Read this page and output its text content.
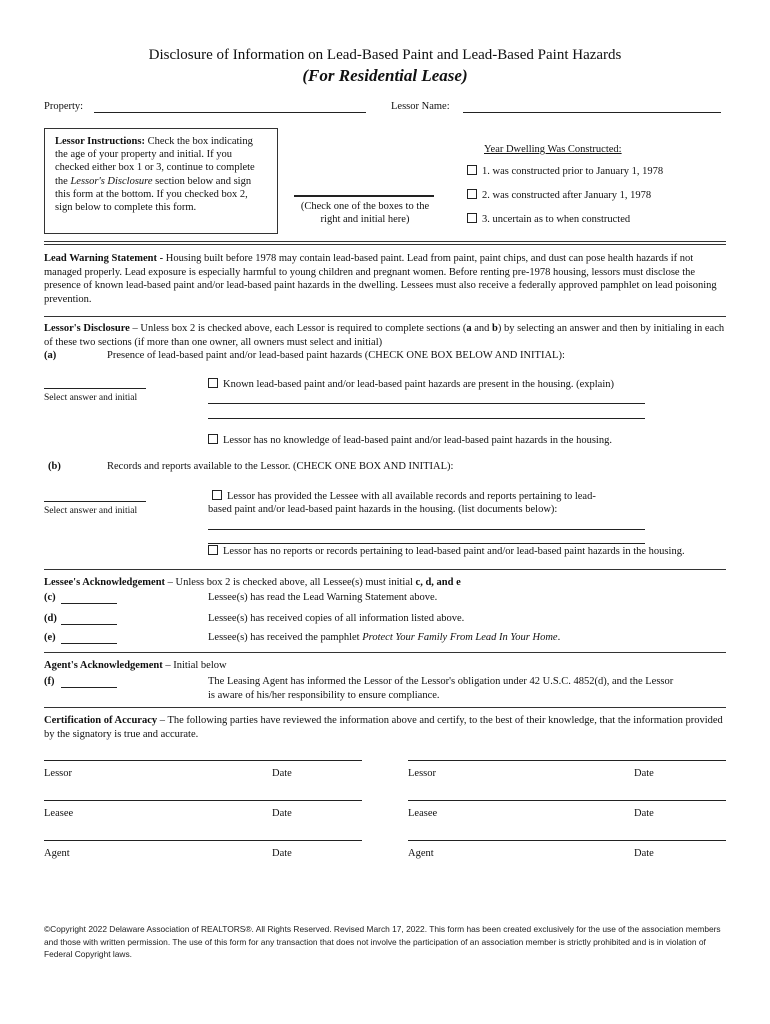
Disclosure of Information on Lead-Based Paint and Lead-Based Paint Hazards
(For Residential Lease)
Property:	Lessor Name:
Lessor Instructions: Check the box indicating the age of your property and initial. If you checked either box 1 or 3, continue to complete the Lessor's Disclosure section below and sign this form at the bottom. If you checked box 2, sign below to complete this form.	(Check one of the boxes to the right and initial here)
Year Dwelling Was Constructed:
1. was constructed prior to January 1, 1978
2. was constructed after January 1, 1978
3. uncertain as to when constructed
Lead Warning Statement - Housing built before 1978 may contain lead-based paint. Lead from paint, paint chips, and dust can pose health hazards if not managed properly. Lead exposure is especially harmful to young children and pregnant women. Before renting pre-1978 housing, lessors must disclose the presence of known lead-based paint and/or lead-based paint hazards in the dwelling. Lessees must also receive a federally approved pamphlet on lead poisoning prevention.
Lessor's Disclosure – Unless box 2 is checked above, each Lessor is required to complete sections (a and b) by selecting an answer and then by initialing in each of these two sections (if more than one owner, all owners must select and initial)
(a)	Presence of lead-based paint and/or lead-based paint hazards (CHECK ONE BOX BELOW AND INITIAL):
Select answer and initial
Known lead-based paint and/or lead-based paint hazards are present in the housing. (explain)
Lessor has no knowledge of lead-based paint and/or lead-based paint hazards in the housing.
(b)	Records and reports available to the Lessor. (CHECK ONE BOX AND INITIAL):
Select answer and initial
Lessor has provided the Lessee with all available records and reports pertaining to lead-
based paint and/or lead-based paint hazards in the housing. (list documents below):
Lessor has no reports or records pertaining to lead-based paint and/or lead-based paint hazards in the housing.
Lessee's Acknowledgement – Unless box 2 is checked above, all Lessee(s) must initial c, d, and e
(c)	Lessee(s) has read the Lead Warning Statement above.
(d)	Lessee(s) has received copies of all information listed above.
(e)	Lessee(s) has received the pamphlet Protect Your Family From Lead In Your Home.
Agent's Acknowledgement – Initial below
(f)	The Leasing Agent has informed the Lessor of the Lessor's obligation under 42 U.S.C. 4852(d), and the Lessor
is aware of his/her responsibility to ensure compliance.
Certification of Accuracy – The following parties have reviewed the information above and certify, to the best of their knowledge, that the information provided by the signatory is true and accurate.
Lessor	Date	Lessor	Date
Leasee	Date	Leasee	Date
Agent	Date	Agent	Date
©Copyright 2022 Delaware Association of REALTORS®. All Rights Reserved. Revised March 17, 2022. This form has been created exclusively for the use of the association members and those with written permission. The use of this form for any transaction that does not involve the participation of an association member is strictly prohibited and is in violation of Federal Copyright laws.
